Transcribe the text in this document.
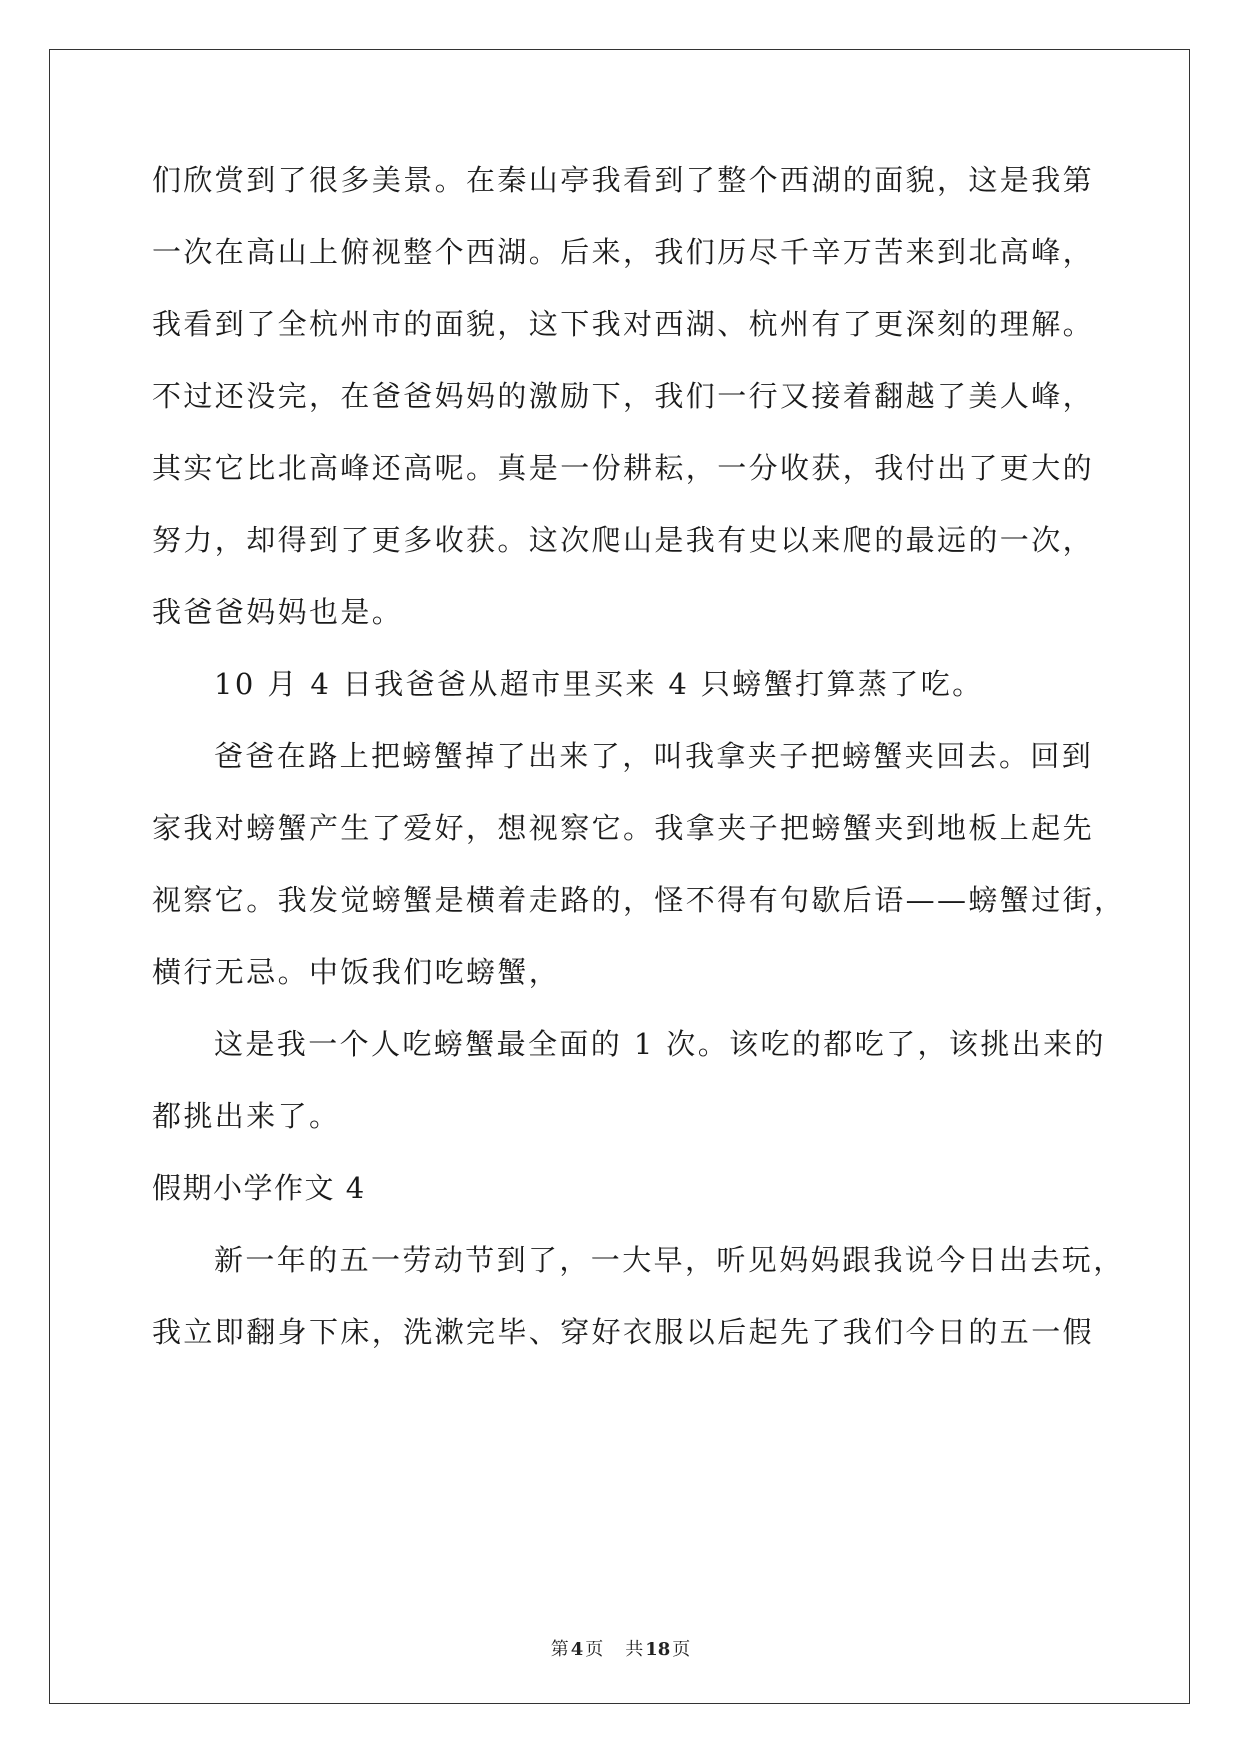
们欣赏到了很多美景。在秦山亭我看到了整个西湖的面貌，这是我第
一次在高山上俯视整个西湖。后来，我们历尽千辛万苦来到北高峰，
我看到了全杭州市的面貌，这下我对西湖、杭州有了更深刻的理解。
不过还没完，在爸爸妈妈的激励下，我们一行又接着翻越了美人峰，
其实它比北高峰还高呢。真是一份耕耘，一分收获，我付出了更大的
努力，却得到了更多收获。这次爬山是我有史以来爬的最远的一次，
我爸爸妈妈也是。
10 月 4 日我爸爸从超市里买来 4 只螃蟹打算蒸了吃。
爸爸在路上把螃蟹掉了出来了，叫我拿夹子把螃蟹夹回去。回到
家我对螃蟹产生了爱好，想视察它。我拿夹子把螃蟹夹到地板上起先
视察它。我发觉螃蟹是横着走路的，怪不得有句歇后语——螃蟹过街，
横行无忌。中饭我们吃螃蟹，
这是我一个人吃螃蟹最全面的 1 次。该吃的都吃了，该挑出来的
都挑出来了。
假期小学作文 4
新一年的五一劳动节到了，一大早，听见妈妈跟我说今日出去玩，
我立即翻身下床，洗漱完毕、穿好衣服以后起先了我们今日的五一假
第 4 页 共 18 页
